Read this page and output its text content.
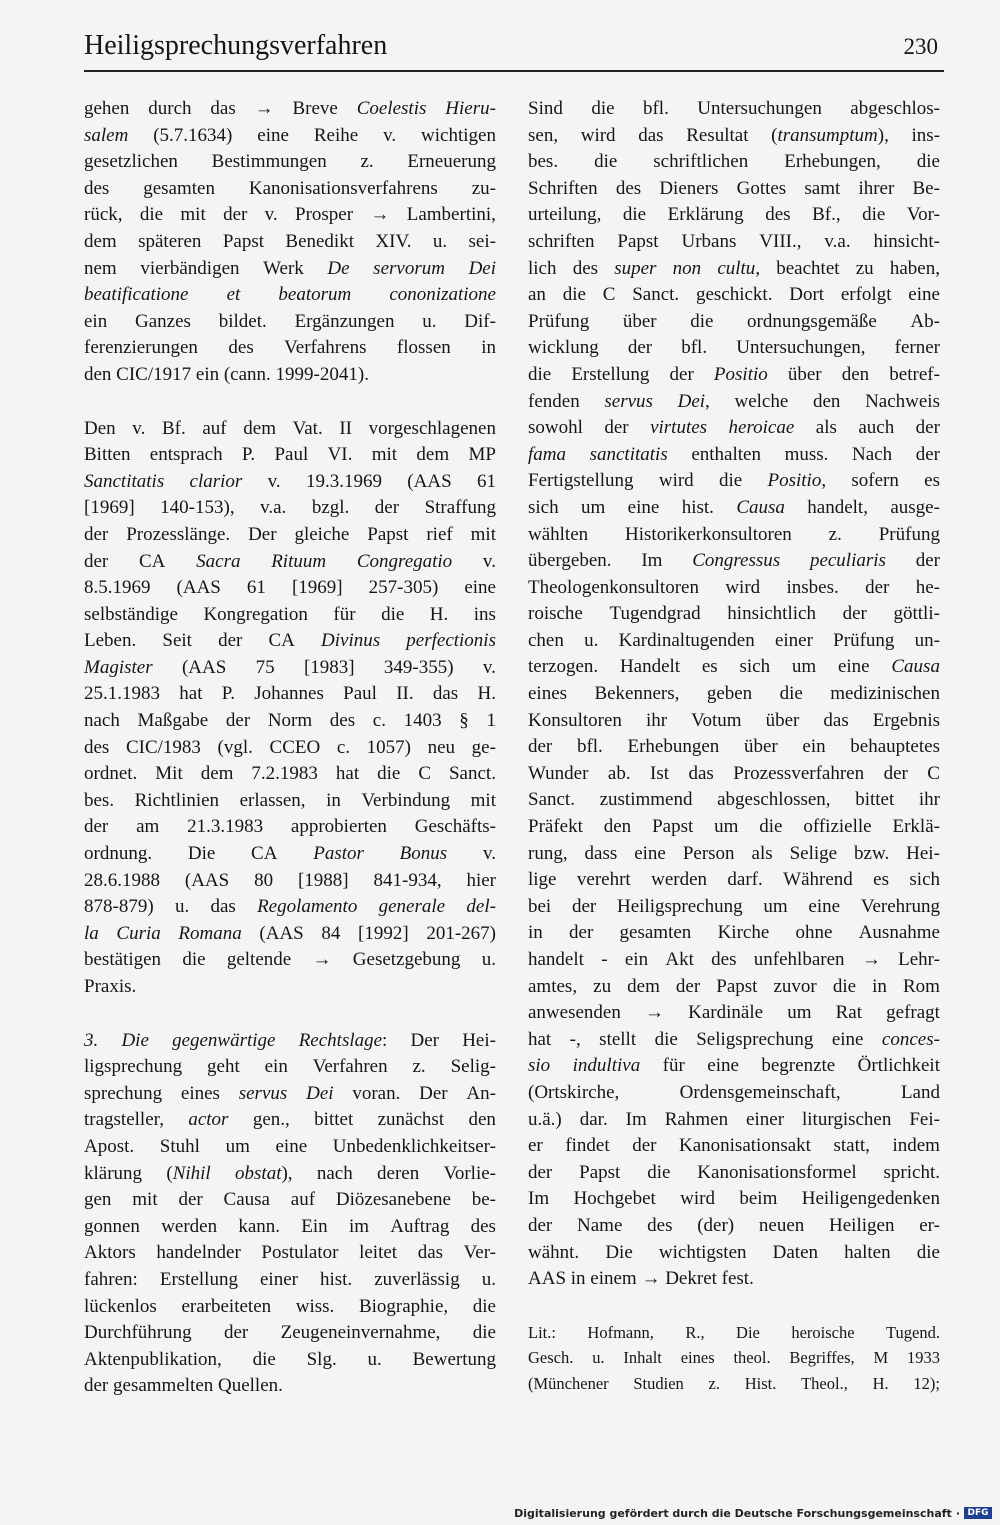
Heiligsprechungsverfahren	230
gehen durch das → Breve Coelestis Hieru-
salem (5.7.1634) eine Reihe v. wichtigen
gesetzlichen Bestimmungen z. Erneuerung
des gesamten Kanonisationsverfahrens zu-
rück, die mit der v. Prosper → Lambertini,
dem späteren Papst Benedikt XIV. u. sei-
nem vierbändigen Werk De servorum Dei
beatificatione et beatorum cononizatione
ein Ganzes bildet. Ergänzungen u. Dif-
ferenzierungen des Verfahrens flossen in
den CIC/1917 ein (cann. 1999-2041).
Den v. Bf. auf dem Vat. II vorgeschlagenen
Bitten entsprach P. Paul VI. mit dem MP
Sanctitatis clarior v. 19.3.1969 (AAS 61
[1969] 140-153), v.a. bzgl. der Straffung
der Prozesslänge. Der gleiche Papst rief mit
der CA Sacra Rituum Congregatio v.
8.5.1969 (AAS 61 [1969] 257-305) eine
selbständige Kongregation für die H. ins
Leben. Seit der CA Divinus perfectionis
Magister (AAS 75 [1983] 349-355) v.
25.1.1983 hat P. Johannes Paul II. das H.
nach Maßgabe der Norm des c. 1403 § 1
des CIC/1983 (vgl. CCEO c. 1057) neu ge-
ordnet. Mit dem 7.2.1983 hat die C Sanct.
bes. Richtlinien erlassen, in Verbindung mit
der am 21.3.1983 approbierten Geschäfts-
ordnung. Die CA Pastor Bonus v.
28.6.1988 (AAS 80 [1988] 841-934, hier
878-879) u. das Regolamento generale del-
la Curia Romana (AAS 84 [1992] 201-267)
bestätigen die geltende → Gesetzgebung u.
Praxis.
3. Die gegenwärtige Rechtslage: Der Hei-
ligsprechung geht ein Verfahren z. Selig-
sprechung eines servus Dei voran. Der An-
tragsteller, actor gen., bittet zunächst den
Apost. Stuhl um eine Unbedenklichkeitser-
klärung (Nihil obstat), nach deren Vorlie-
gen mit der Causa auf Diözesanebene be-
gonnen werden kann. Ein im Auftrag des
Aktors handelnder Postulator leitet das Ver-
fahren: Erstellung einer hist. zuverlässig u.
lückenlos erarbeiteten wiss. Biographie, die
Durchführung der Zeugeneinvernahme, die
Aktenpublikation, die Slg. u. Bewertung
der gesammelten Quellen.
Sind die bfl. Untersuchungen abgeschlos-
sen, wird das Resultat (transumptum), ins-
bes. die schriftlichen Erhebungen, die
Schriften des Dieners Gottes samt ihrer Be-
urteilung, die Erklärung des Bf., die Vor-
schriften Papst Urbans VIII., v.a. hinsicht-
lich des super non cultu, beachtet zu haben,
an die C Sanct. geschickt. Dort erfolgt eine
Prüfung über die ordnungsgemäße Ab-
wicklung der bfl. Untersuchungen, ferner
die Erstellung der Positio über den betref-
fenden servus Dei, welche den Nachweis
sowohl der virtutes heroicae als auch der
fama sanctitatis enthalten muss. Nach der
Fertigstellung wird die Positio, sofern es
sich um eine hist. Causa handelt, ausge-
wählten Historikerkonsultoren z. Prüfung
übergeben. Im Congressus peculiaris der
Theologenkonsultoren wird insbes. der he-
roische Tugendgrad hinsichtlich der göttli-
chen u. Kardinaltugenden einer Prüfung un-
terzogen. Handelt es sich um eine Causa
eines Bekenners, geben die medizinischen
Konsultoren ihr Votum über das Ergebnis
der bfl. Erhebungen über ein behauptetes
Wunder ab. Ist das Prozessverfahren der C
Sanct. zustimmend abgeschlossen, bittet ihr
Präfekt den Papst um die offizielle Erklä-
rung, dass eine Person als Selige bzw. Hei-
lige verehrt werden darf. Während es sich
bei der Heiligsprechung um eine Verehrung
in der gesamten Kirche ohne Ausnahme
handelt - ein Akt des unfehlbaren → Lehr-
amtes, zu dem der Papst zuvor die in Rom
anwesenden → Kardinäle um Rat gefragt
hat -, stellt die Seligsprechung eine conces-
sio indultiva für eine begrenzte Örtlichkeit
(Ortskirche,	Ordensgemeinschaft,	Land
u.ä.) dar. Im Rahmen einer liturgischen Fei-
er findet der Kanonisationsakt statt, indem
der Papst die Kanonisationsformel spricht.
Im Hochgebet wird beim Heiligengedenken
der Name des (der) neuen Heiligen er-
wähnt. Die wichtigsten Daten halten die
AAS in einem → Dekret fest.
Lit.: Hofmann, R., Die heroische Tugend.
Gesch. u. Inhalt eines theol. Begriffes, M 1933
(Münchener Studien z. Hist. Theol., H. 12);
Digitalisierung gefördert durch die Deutsche Forschungsgemeinschaft · DFG
